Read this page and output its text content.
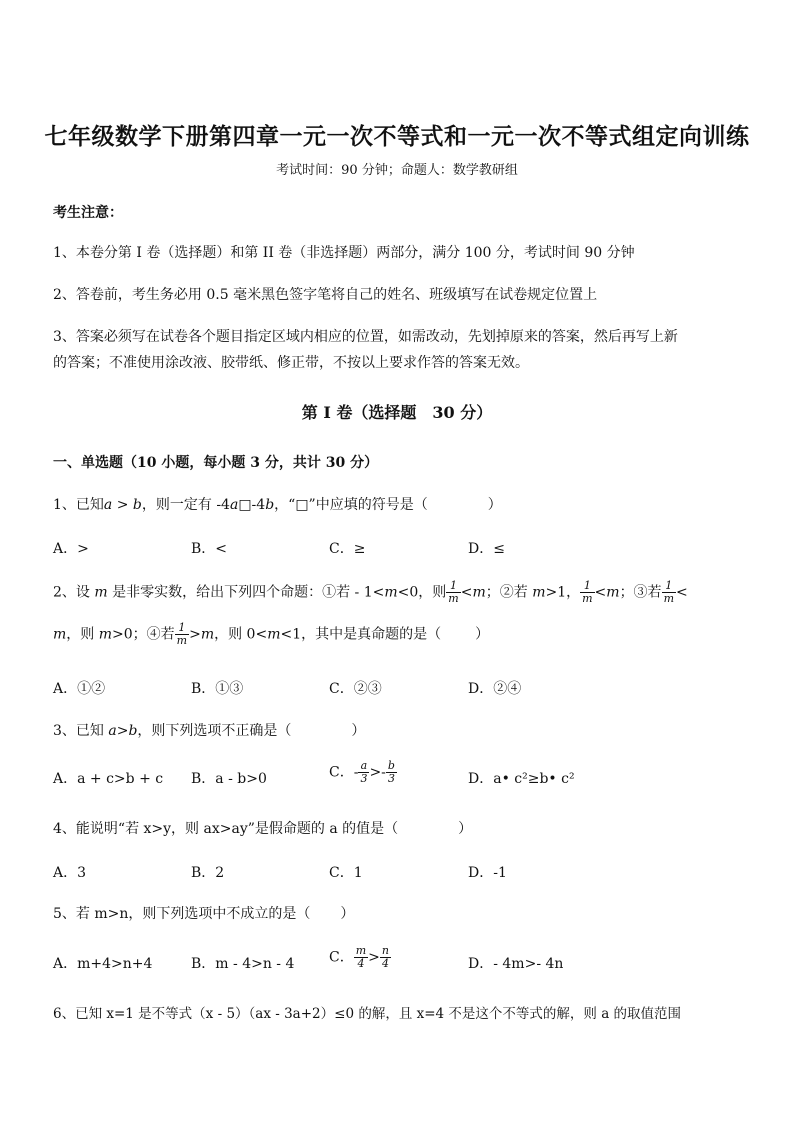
七年级数学下册第四章一元一次不等式和一元一次不等式组定向训练
考试时间：90 分钟；命题人：数学教研组
考生注意：
1、本卷分第 I 卷（选择题）和第 II 卷（非选择题）两部分，满分 100 分，考试时间 90 分钟
2、答卷前，考生务必用 0.5 毫米黑色签字笔将自己的姓名、班级填写在试卷规定位置上
3、答案必须写在试卷各个题目指定区域内相应的位置，如需改动，先划掉原来的答案，然后再写上新
的答案；不准使用涂改液、胶带纸、修正带，不按以上要求作答的答案无效。
第 I 卷（选择题　30 分）
一、单选题（10 小题，每小题 3 分，共计 30 分）
1、已知a > b，则一定有 -4a□-4b，“□”中应填的符号是（	）
A．>	B．<	C．≥	D．≤
2、设 m 是非零实数，给出下列四个命题：①若 - 1<m<0，则 $\frac{1}{m} <m$；②若 m>1， $\frac{1}{m} <m$；③若 $\frac{1}{m}$ <
m，则 m>0；④若 $\frac{1}{m} >m$，则 0<m<1，其中是真命题的是（ ）
A．①②	B．①③	C．②③	D．②④
3、已知 a>b，则下列选项不正确是（	）
A．a + c>b + c B．a - b>0	C．- $\frac{a}{3} >- \frac{b}{3}$	D．a• c²≥b• c²
4、能说明“若 x>y，则 ax>ay”是假命题的 a 的值是（	）
A．3	B．2	C．1	D．-1
5、若 m>n，则下列选项中不成立的是（ ）
A．m+4>n+4	B．m - 4>n - 4 C． $\frac{m}{4} > \frac{n}{4}$	D．- 4m>- 4n
6、已知 x=1 是不等式（x - 5）（ax - 3a+2）≤0 的解，且 x=4 不是这个不等式的解，则 a 的取值范围
